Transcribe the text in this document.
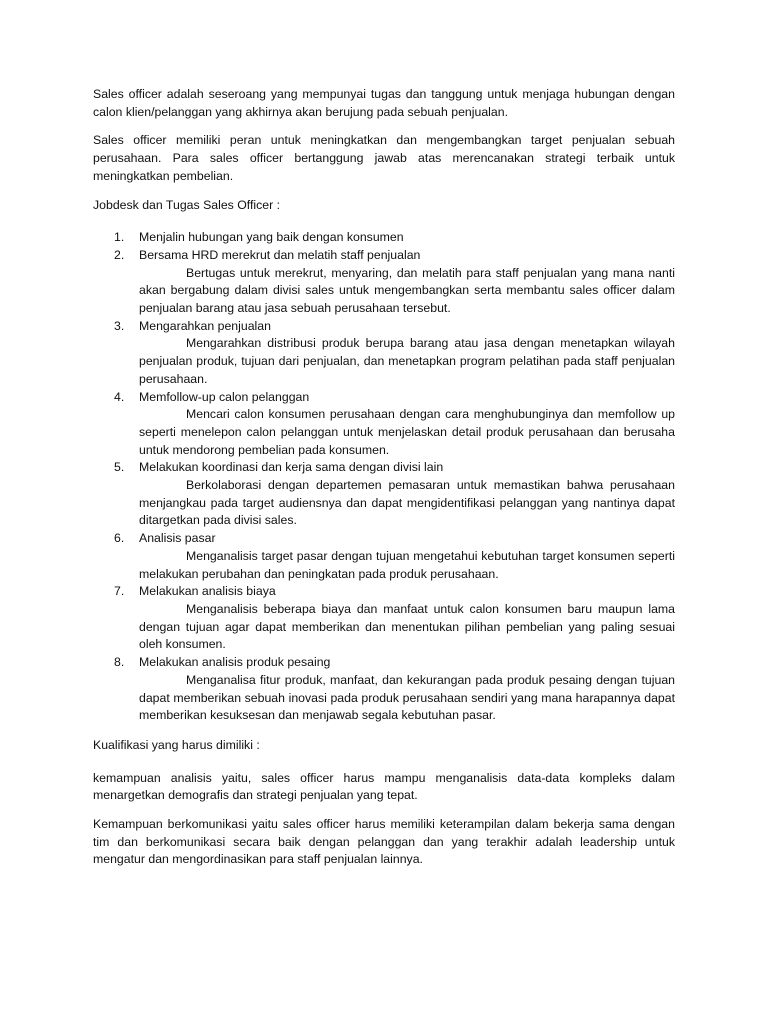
Sales officer adalah seseroang yang mempunyai tugas dan tanggung untuk menjaga hubungan dengan calon klien/pelanggan yang akhirnya akan berujung pada sebuah penjualan.

Sales officer memiliki peran untuk meningkatkan dan mengembangkan target penjualan sebuah perusahaan. Para sales officer bertanggung jawab atas merencanakan strategi terbaik untuk meningkatkan pembelian.

Jobdesk dan Tugas Sales Officer :

1. Menjalin hubungan yang baik dengan konsumen
2. Bersama HRD merekrut dan melatih staff penjualan
Bertugas untuk merekrut, menyaring, dan melatih para staff penjualan yang mana nanti akan bergabung dalam divisi sales untuk mengembangkan serta membantu sales officer dalam penjualan barang atau jasa sebuah perusahaan tersebut.
3. Mengarahkan penjualan
Mengarahkan distribusi produk berupa barang atau jasa dengan menetapkan wilayah penjualan produk, tujuan dari penjualan, dan menetapkan program pelatihan pada staff penjualan perusahaan.
4. Memfollow-up calon pelanggan
Mencari calon konsumen perusahaan dengan cara menghubunginya dan memfollow up seperti menelepon calon pelanggan untuk menjelaskan detail produk perusahaan dan berusaha untuk mendorong pembelian pada konsumen.
5. Melakukan koordinasi dan kerja sama dengan divisi lain
Berkolaborasi dengan departemen pemasaran untuk memastikan bahwa perusahaan menjangkau pada target audiensnya dan dapat mengidentifikasi pelanggan yang nantinya dapat ditargetkan pada divisi sales.
6. Analisis pasar
Menganalisis target pasar dengan tujuan mengetahui kebutuhan target konsumen seperti melakukan perubahan dan peningkatan pada produk perusahaan.
7. Melakukan analisis biaya
Menganalisis beberapa biaya dan manfaat untuk calon konsumen baru maupun lama dengan tujuan agar dapat memberikan dan menentukan pilihan pembelian yang paling sesuai oleh konsumen.
8. Melakukan analisis produk pesaing
Menganalisa fitur produk, manfaat, dan kekurangan pada produk pesaing dengan tujuan dapat memberikan sebuah inovasi pada produk perusahaan sendiri yang mana harapannya dapat memberikan kesuksesan dan menjawab segala kebutuhan pasar.

Kualifikasi yang harus dimiliki :

kemampuan analisis yaitu, sales officer harus mampu menganalisis data-data kompleks dalam menargetkan demografis dan strategi penjualan yang tepat.

Kemampuan berkomunikasi yaitu sales officer harus memiliki keterampilan dalam bekerja sama dengan tim dan berkomunikasi secara baik dengan pelanggan dan yang terakhir adalah leadership untuk mengatur dan mengordinasikan para staff penjualan lainnya.
